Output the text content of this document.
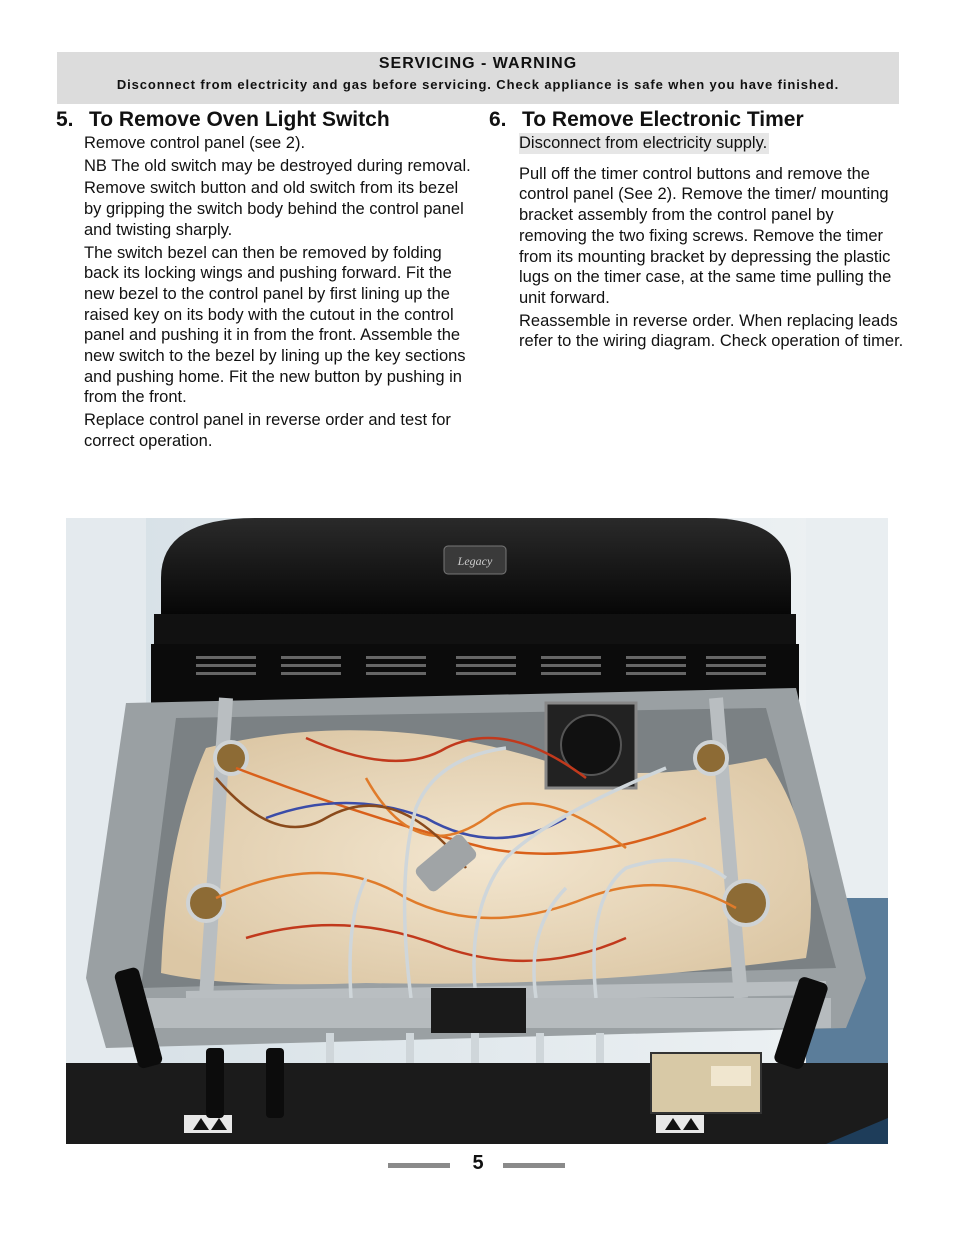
SERVICING - WARNING
Disconnect from electricity and gas before servicing. Check appliance is safe when you have finished.
5. To Remove Oven Light Switch

Remove control panel (see 2).

NB The old switch may be destroyed during removal.

Remove switch button and old switch from its bezel by gripping the switch body behind the control panel and twisting sharply.

The switch bezel can then be removed by folding back its locking wings and pushing forward. Fit the new bezel to the control panel by first lining up the raised key on its body with the cutout in the control panel and pushing it in from the front. Assemble the new switch to the bezel by lining up the key sections and pushing home. Fit the new button by pushing in from the front.

Replace control panel in reverse order and test for correct operation.

6. To Remove Electronic Timer

Disconnect from electricity supply.

Pull off the timer control buttons and remove the control panel (See 2). Remove the timer/ mounting bracket assembly from the control panel by removing the two fixing screws. Remove the timer from its mounting bracket by depressing the plastic lugs on the timer case, at the same time pulling the unit forward.

Reassemble in reverse order. When replacing leads refer to the wiring diagram. Check operation of timer.

Legacy
5
